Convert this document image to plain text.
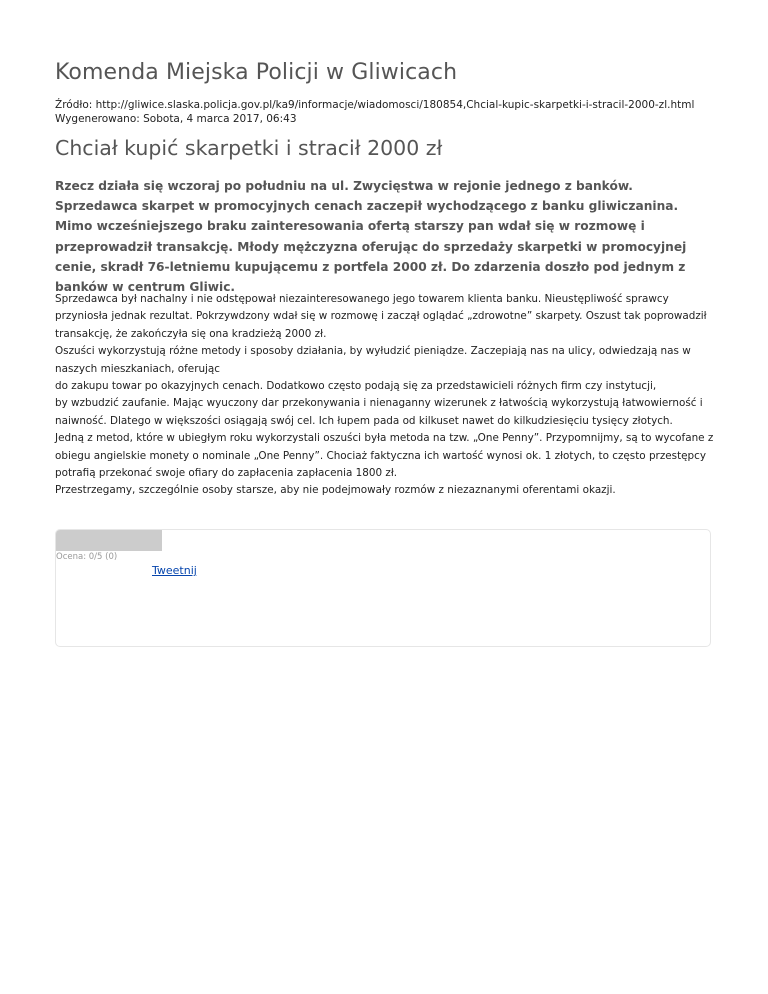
Komenda Miejska Policji w Gliwicach
Źródło: http://gliwice.slaska.policja.gov.pl/ka9/informacje/wiadomosci/180854,Chcial-kupic-skarpetki-i-stracil-2000-zl.html
Wygenerowano: Sobota, 4 marca 2017, 06:43
Chciał kupić skarpetki i stracił 2000 zł

Rzecz działa się wczoraj po południu na ul. Zwycięstwa w rejonie jednego z banków. Sprzedawca skarpet w promocyjnych cenach zaczepił wychodzącego z banku gliwiczanina. Mimo wcześniejszego braku zainteresowania ofertą starszy pan wdał się w rozmowę i przeprowadził transakcję. Młody mężczyzna oferując do sprzedaży skarpetki w promocyjnej cenie, skradł 76-letniemu kupującemu z portfela 2000 zł. Do zdarzenia doszło pod jednym z banków w centrum Gliwic.

Sprzedawca był nachalny i nie odstępował niezainteresowanego jego towarem klienta banku. Nieustępliwość sprawcy przyniosła jednak rezultat. Pokrzywdzony wdał się w rozmowę i zaczął oglądać „zdrowotne” skarpety. Oszust tak poprowadził transakcję, że zakończyła się ona kradzieżą 2000 zł.

Oszuści wykorzystują różne metody i sposoby działania, by wyłudzić pieniądze. Zaczepiają nas na ulicy, odwiedzają nas w naszych mieszkaniach, oferując

do zakupu towar po okazyjnych cenach. Dodatkowo często podają się za przedstawicieli różnych firm czy instytucji,

by wzbudzić zaufanie. Mając wyuczony dar przekonywania i nienaganny wizerunek z łatwością wykorzystują łatwowierność i naiwność. Dlatego w większości osiągają swój cel. Ich łupem pada od kilkuset nawet do kilkudziesięciu tysięcy złotych.

Jedną z metod, które w ubiegłym roku wykorzystali oszuści była metoda na tzw. „One Penny”. Przypomnijmy, są to wycofane z obiegu angielskie monety o nominale „One Penny”. Chociaż faktyczna ich wartość wynosi ok. 1 złotych, to często przestępcy potrafią przekonać swoje ofiary do zapłacenia zapłacenia 1800 zł.

Przestrzegamy, szczególnie osoby starsze, aby nie podejmowały rozmów z niezaznanymi oferentami okazji.

Ocena: 0/5 (0)
Tweetnij
